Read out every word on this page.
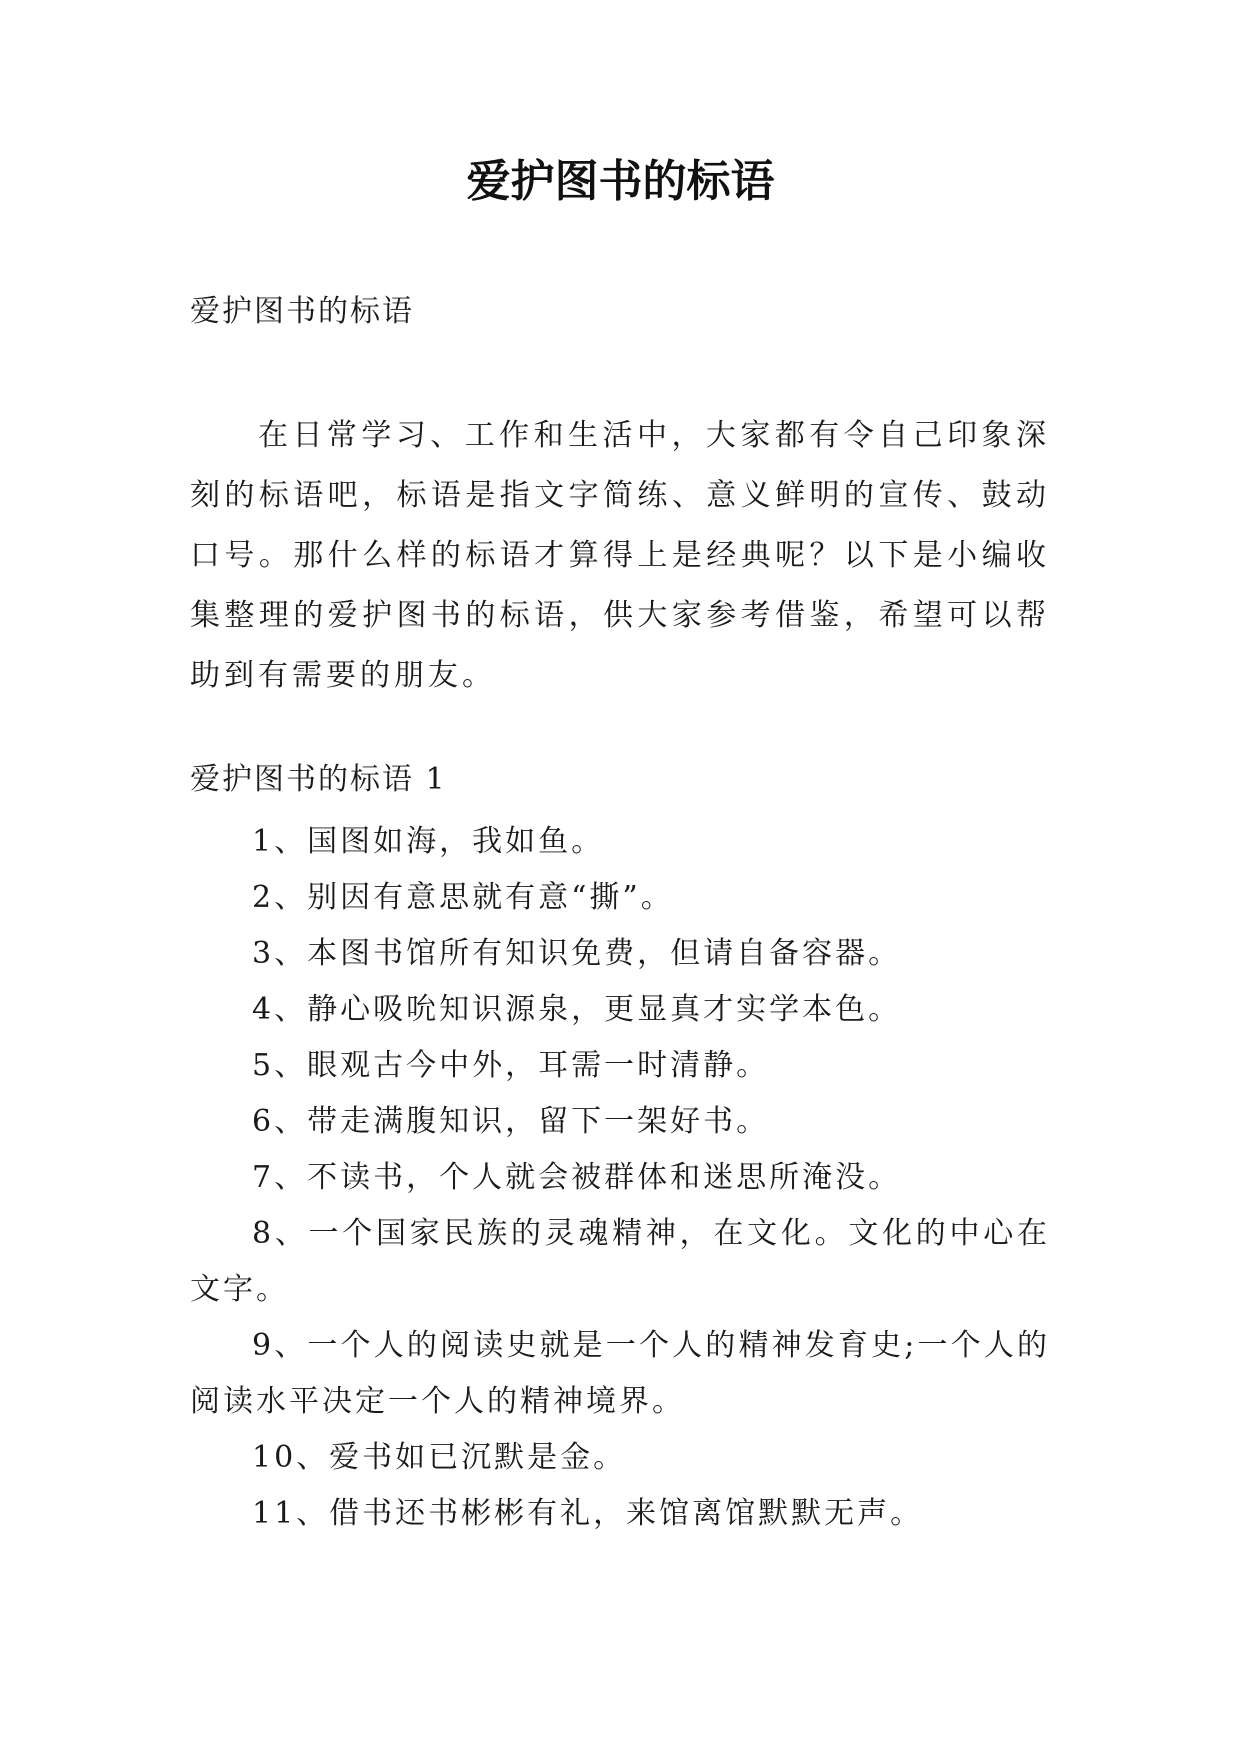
爱护图书的标语
爱护图书的标语

在日常学习、工作和生活中，大家都有令自己印象深刻的标语吧，标语是指文字简练、意义鲜明的宣传、鼓动口号。那什么样的标语才算得上是经典呢？以下是小编收集整理的爱护图书的标语，供大家参考借鉴，希望可以帮助到有需要的朋友。

爱护图书的标语 1
1、国图如海，我如鱼。
2、别因有意思就有意“撕”。
3、本图书馆所有知识免费，但请自备容器。
4、静心吸吮知识源泉，更显真才实学本色。
5、眼观古今中外，耳需一时清静。
6、带走满腹知识，留下一架好书。
7、不读书，个人就会被群体和迷思所淹没。
8、一个国家民族的灵魂精神，在文化。文化的中心在文字。
9、一个人的阅读史就是一个人的精神发育史;一个人的阅读水平决定一个人的精神境界。
10、爱书如已沉默是金。
11、借书还书彬彬有礼，来馆离馆默默无声。
